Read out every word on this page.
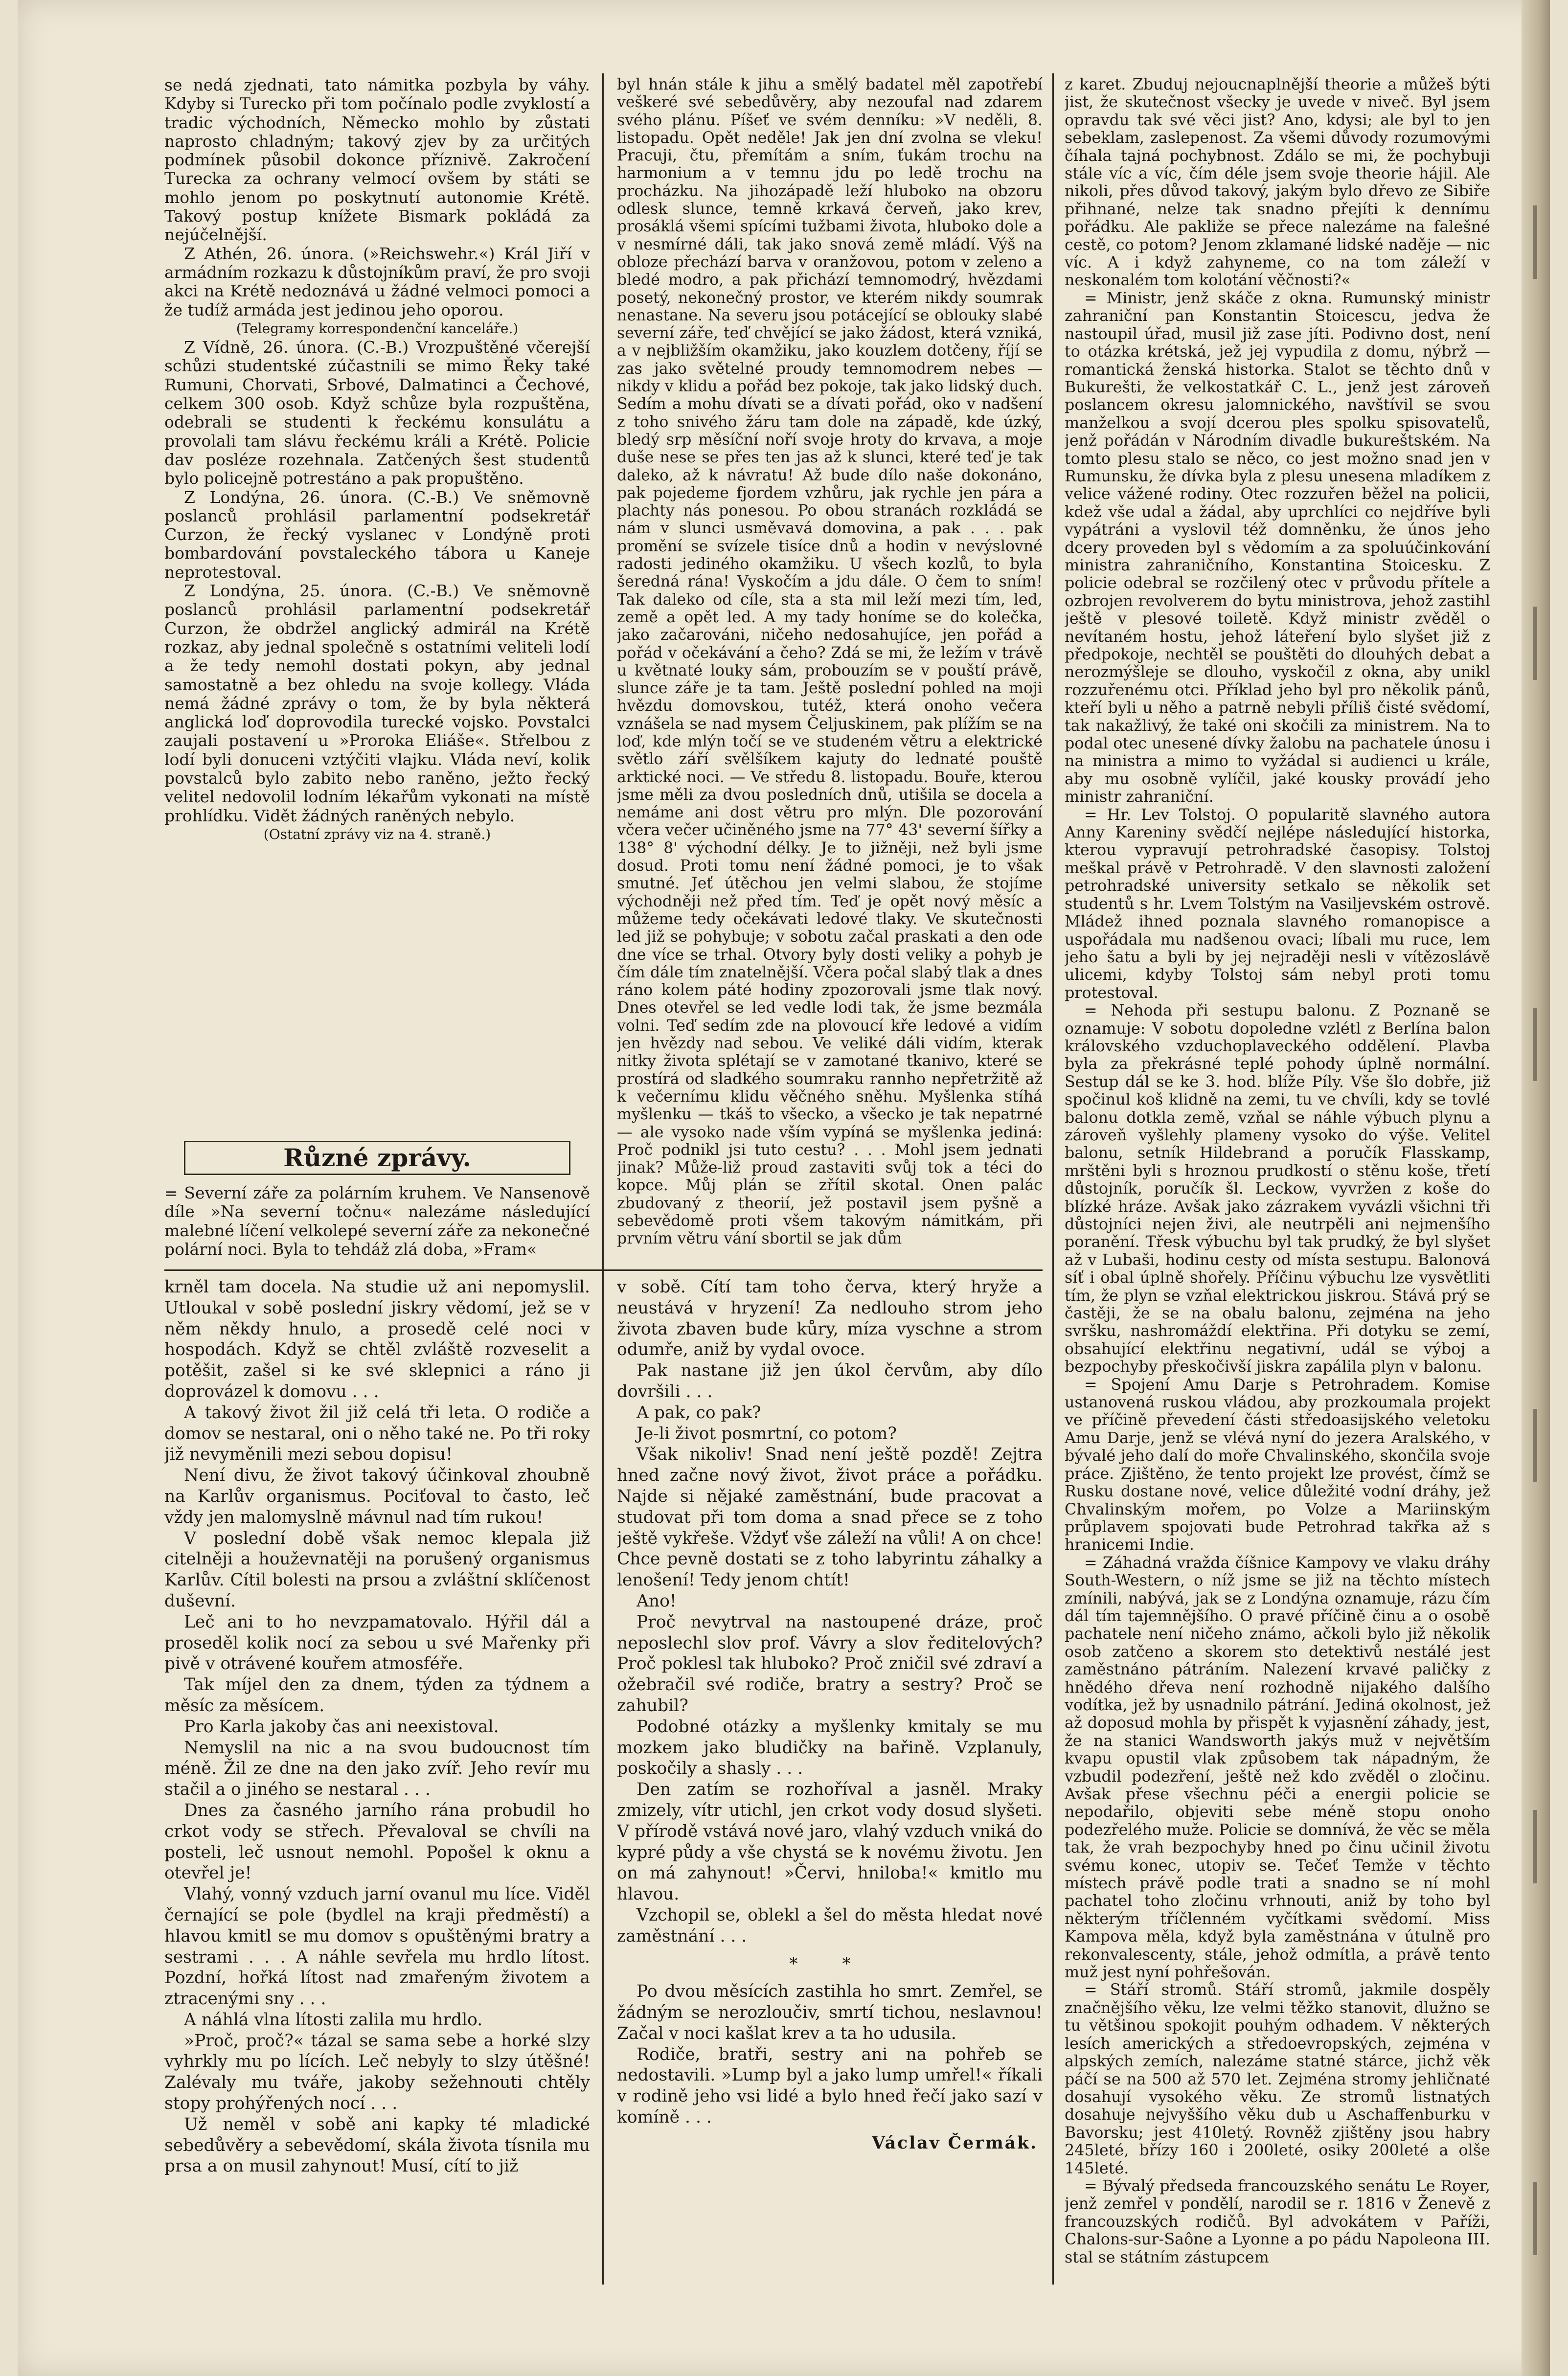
se nedá zjednati, tato námitka pozbyla by váhy. Kdyby si Turecko při tom počínalo podle zvyklostí a tradic východních, Německo mohlo by zůstati naprosto chladným; takový zjev by za určitých podmínek působil dokonce příznivě. Zakročení Turecka za ochrany velmocí ovšem by státi se mohlo jenom po poskytnutí autonomie Krétě. Takový postup knížete Bismark pokládá za nejúčelnější.

Z Athén, 26. února. (»Reichswehr.«) Král Jiří v armádním rozkazu k důstojníkům praví, že pro svoji akci na Krétě nedoznává u žádné velmoci pomoci a že tudíž armáda jest jedinou jeho oporou.

(Telegramy korrespondenční kanceláře.)

Z Vídně, 26. února. (C.-B.) Vrozpuštěné včerejší schůzi studentské zúčastnili se mimo Řeky také Rumuni, Chorvati, Srbové, Dalmatinci a Čechové, celkem 300 osob. Když schůze byla rozpuštěna, odebrali se studenti k řeckému konsulátu a provolali tam slávu řeckému králi a Krétě. Policie dav posléze rozehnala. Zatčených šest studentů bylo policejně potrestáno a pak propuštěno.

Z Londýna, 26. února. (C.-B.) Ve sněmovně poslanců prohlásil parlamentní podsekretář Curzon, že řecký vyslanec v Londýně proti bombardování povstaleckého tábora u Kaneje neprotestoval.

Z Londýna, 25. února. (C.-B.) Ve sněmovně poslanců prohlásil parlamentní podsekretář Curzon, že obdržel anglický admirál na Krétě rozkaz, aby jednal společně s ostatními veliteli lodí a že tedy nemohl dostati pokyn, aby jednal samostatně a bez ohledu na svoje kollegy. Vláda nemá žádné zprávy o tom, že by byla některá anglická loď doprovodila turecké vojsko. Povstalci zaujali postavení u »Proroka Eliáše«. Střelbou z lodí byli donuceni vztýčiti vlajku. Vláda neví, kolik povstalců bylo zabito nebo raněno, ježto řecký velitel nedovolil lodním lékařům vykonati na místě prohlídku. Vidět žádných raněných nebylo.

(Ostatní zprávy viz na 4. straně.)

Různé zprávy.

= Severní záře za polárním kruhem. Ve Nansenově díle »Na severní točnu« nalezáme následující malebné líčení velkolepé severní záře za nekonečné polární noci. Byla to tehdáž zlá doba, »Fram«

byl hnán stále k jihu a smělý badatel měl zapotřebí veškeré své sebedůvěry, aby nezoufal nad zdarem svého plánu. Píšeť ve svém denníku: »V neděli, 8. listopadu. Opět neděle! Jak jen dní zvolna se vleku! Pracuji, čtu, přemítám a sním, ťukám trochu na harmonium a v temnu jdu po ledě trochu na procházku. Na jihozápadě leží hluboko na obzoru odlesk slunce, temně krkavá červeň, jako krev, prosáklá všemi spícími tužbami života, hluboko dole a v nesmírné dáli, tak jako snová země mládí. Výš na obloze přechází barva v oranžovou, potom v zeleno a bledé modro, a pak přichází temnomodrý, hvězdami posetý, nekonečný prostor, ve kterém nikdy soumrak nenastane. Na severu jsou potácející se oblouky slabé severní záře, teď chvějící se jako žádost, která vzniká, a v nejbližším okamžiku, jako kouzlem dotčeny, říjí se zas jako světelné proudy temnomodrem nebes — nikdy v klidu a pořád bez pokoje, tak jako lidský duch. Sedím a mohu dívati se a dívati pořád, oko v nadšení z toho snivého žáru tam dole na západě, kde úzký, bledý srp měsíční noří svoje hroty do krvava, a moje duše nese se přes ten jas až k slunci, které teď je tak daleko, až k návratu! Až bude dílo naše dokonáno, pak pojedeme fjordem vzhůru, jak rychle jen pára a plachty nás ponesou. Po obou stranách rozkládá se nám v slunci usměvavá domovina, a pak . . . pak promění se svízele tisíce dnů a hodin v nevýslovné radosti jediného okamžiku. U všech kozlů, to byla šeredná rána! Vyskočím a jdu dále. O čem to sním! Tak daleko od cíle, sta a sta mil leží mezi tím, led, země a opět led. A my tady honíme se do kolečka, jako začarováni, ničeho nedosahujíce, jen pořád a pořád v očekávání a čeho? Zdá se mi, že ležím v trávě u květnaté louky sám, probouzím se v pouští právě, slunce záře je ta tam. Ještě poslední pohled na moji hvězdu domovskou, tutéž, která onoho večera vznášela se nad mysem Čeljuskinem, pak plížím se na loď, kde mlýn točí se ve studeném větru a elektrické světlo září svělšíkem kajuty do lednaté pouště arktické noci. — Ve středu 8. listopadu. Bouře, kterou jsme měli za dvou posledních dnů, utišila se docela a nemáme ani dost větru pro mlýn. Dle pozorování včera večer učiněného jsme na 77° 43' severní šířky a 138° 8' východní délky. Je to jižněji, než byli jsme dosud. Proti tomu není žádné pomoci, je to však smutné. Jeť útěchou jen velmi slabou, že stojíme východněji než před tím. Teď je opět nový měsíc a můžeme tedy očekávati ledové tlaky. Ve skutečnosti led již se pohybuje; v sobotu začal praskati a den ode dne více se trhal. Otvory byly dosti veliky a pohyb je čím dále tím znatelnější. Včera počal slabý tlak a dnes ráno kolem páté hodiny zpozorovali jsme tlak nový. Dnes otevřel se led vedle lodi tak, že jsme bezmála volni. Teď sedím zde na plovoucí kře ledové a vidím jen hvězdy nad sebou. Ve veliké dáli vidím, kterak nitky života splétají se v zamotané tkanivo, které se prostírá od sladkého soumraku rannho nepřetržitě až k večernímu klidu věčného sněhu. Myšlenka stíhá myšlenku — tkáš to všecko, a všecko je tak nepatrné — ale vysoko nade vším vypíná se myšlenka jediná: Proč podnikl jsi tuto cestu? . . . Mohl jsem jednati jinak? Může-liž proud zastaviti svůj tok a téci do kopce. Můj plán se zřítil skotal. Onen palác zbudovaný z theorií, jež postavil jsem pyšně a sebevědomě proti všem takovým námitkám, při prvním větru vání sbortil se jak dům

z karet. Zbuduj nejoucnaplnější theorie a můžeš býti jist, že skutečnost všecky je uvede v niveč. Byl jsem opravdu tak své věci jist? Ano, kdysi; ale byl to jen sebeklam, zaslepenost. Za všemi důvody rozumovými číhala tajná pochybnost. Zdálo se mi, že pochybuji stále víc a víc, čím déle jsem svoje theorie hájil. Ale nikoli, přes důvod takový, jakým bylo dřevo ze Sibiře přihnané, nelze tak snadno přejíti k dennímu pořádku. Ale pakliže se přece nalezáme na falešné cestě, co potom? Jenom zklamané lidské naděje — nic víc. A i když zahyneme, co na tom záleží v neskonalém tom kolotání věčnosti?«

= Ministr, jenž skáče z okna. Rumunský ministr zahraniční pan Konstantin Stoicescu, jedva že nastoupil úřad, musil již zase jíti. Podivno dost, není to otázka krétská, jež jej vypudila z domu, nýbrž — romantická ženská historka. Stalot se těchto dnů v Bukurešti, že velkostatkář C. L., jenž jest zároveň poslancem okresu jalomnického, navštívil se svou manželkou a svojí dcerou ples spolku spisovatelů, jenž pořádán v Národním divadle bukureštském. Na tomto plesu stalo se něco, co jest možno snad jen v Rumunsku, že dívka byla z plesu unesena mladíkem z velice vážené rodiny. Otec rozzuřen běžel na policii, kdež vše udal a žádal, aby uprchlíci co nejdříve byli vypátráni a vyslovil též domněnku, že únos jeho dcery proveden byl s vědomím a za spoluúčinkování ministra zahraničního, Konstantina Stoicesku. Z policie odebral se rozčilený otec v průvodu přítele a ozbrojen revolverem do bytu ministrova, jehož zastihl ještě v plesové toiletě. Když ministr zvěděl o nevítaném hostu, jehož láteření bylo slyšet již z předpokoje, nechtěl se pouštěti do dlouhých debat a nerozmýšleje se dlouho, vyskočil z okna, aby unikl rozzuřenému otci. Příklad jeho byl pro několik pánů, kteří byli u něho a patrně nebyli příliš čisté svědomí, tak nakažlivý, že také oni skočili za ministrem. Na to podal otec unesené dívky žalobu na pachatele únosu i na ministra a mimo to vyžádal si audienci u krále, aby mu osobně vylíčil, jaké kousky provádí jeho ministr zahraniční.

= Hr. Lev Tolstoj. O popularitě slavného autora Anny Kareniny svědčí nejlépe následující historka, kterou vypravují petrohradské časopisy. Tolstoj meškal právě v Petrohradě. V den slavnosti založení petrohradské university setkalo se několik set studentů s hr. Lvem Tolstým na Vasiljevském ostrově. Mládež ihned poznala slavného romanopisce a uspořádala mu nadšenou ovaci; líbali mu ruce, lem jeho šatu a byli by jej nejraději nesli v vítězoslávě ulicemi, kdyby Tolstoj sám nebyl proti tomu protestoval.

= Nehoda při sestupu balonu. Z Poznaně se oznamuje: V sobotu dopoledne vzlétl z Berlína balon královského vzduchoplaveckého oddělení. Plavba byla za překrásné teplé pohody úplně normální. Sestup dál se ke 3. hod. blíže Píly. Vše šlo dobře, již spočinul koš klidně na zemi, tu ve chvíli, kdy se tovlé balonu dotkla země, vzňal se náhle výbuch plynu a zároveň vyšlehly plameny vysoko do výše. Velitel balonu, setník Hildebrand a poručík Flasskamp, mrštěni byli s hroznou prudkostí o stěnu koše, třetí důstojník, poručík šl. Leckow, vyvržen z koše do blízké hráze. Avšak jako zázrakem vyvázli všichni tři důstojníci nejen živi, ale neutrpěli ani nejmenšího poranění. Třesk výbuchu byl tak prudký, že byl slyšet až v Lubaši, hodinu cesty od místa sestupu. Balonová síť i obal úplně shořely. Příčinu výbuchu lze vysvětliti tím, že plyn se vzňal elektrickou jiskrou. Stává prý se častěji, že se na obalu balonu, zejména na jeho svršku, nashromáždí elektřina. Při dotyku se zemí, obsahující elektřinu negativní, udál se výboj a bezpochyby přeskočivší jiskra zapálila plyn v balonu.

= Spojení Amu Darje s Petrohradem. Komise ustanovená ruskou vládou, aby prozkoumala projekt ve příčině převedení části středoasijského veletoku Amu Darje, jenž se vlévá nyní do jezera Aralského, v bývalé jeho dalí do moře Chvalinského, skončila svoje práce. Zjištěno, že tento projekt lze provést, čímž se Rusku dostane nové, velice důležité vodní dráhy, jež Chvalinským mořem, po Volze a Mariinským průplavem spojovati bude Petrohrad takřka až s hranicemi Indie.

= Záhadná vražda číšnice Kampovy ve vlaku dráhy South-Western, o níž jsme se již na těchto místech zmínili, nabývá, jak se z Londýna oznamuje, rázu čím dál tím tajemnějšího. O pravé příčině činu a o osobě pachatele není ničeho známo, ačkoli bylo již několik osob zatčeno a skorem sto detektivů nestálé jest zaměstnáno pátráním. Nalezení krvavé paličky z hnědého dřeva není rozhodně nijakého dalšího vodítka, jež by usnadnilo pátrání. Jediná okolnost, jež až doposud mohla by přispět k vyjasnění záhady, jest, že na stanici Wandsworth jakýs muž v největším kvapu opustil vlak způsobem tak nápadným, že vzbudil podezření, ještě než kdo zvěděl o zločinu. Avšak přese všechnu péči a energii policie se nepodařilo, objeviti sebe méně stopu onoho podezřelého muže. Policie se domnívá, že věc se měla tak, že vrah bezpochyby hned po činu učinil životu svému konec, utopiv se. Tečeť Temže v těchto místech právě podle trati a snadno se ní mohl pachatel toho zločinu vrhnouti, aniž by toho byl některým tříčlenném vyčítkami svědomí. Miss Kampova měla, když byla zaměstnána v útulně pro rekonvalescenty, stále, jehož odmítla, a právě tento muž jest nyní pohřešován.

= Stáří stromů. Stáří stromů, jakmile dospěly značnějšího věku, lze velmi těžko stanovit, dlužno se tu většinou spokojit pouhým odhadem. V některých lesích amerických a středoevropských, zejména v alpských zemích, nalezáme statné stárce, jichž věk páčí se na 500 až 570 let. Zejména stromy jehličnaté dosahují vysokého věku. Ze stromů listnatých dosahuje nejvyššího věku dub u Aschaffenburku v Bavorsku; jest 410letý. Rovněž zjištěny jsou habry 245leté, břízy 160 i 200leté, osiky 200leté a olše 145leté.

= Bývalý předseda francouzského senátu Le Royer, jenž zemřel v pondělí, narodil se r. 1816 v Ženevě z francouzských rodičů. Byl advokátem v Paříži, Chalons-sur-Saône a Lyonne a po pádu Napoleona III. stal se státním zástupcem

krněl tam docela. Na studie už ani nepomyslil. Utloukal v sobě poslední jiskry vědomí, jež se v něm někdy hnulo, a prosedě celé noci v hospodách. Když se chtěl zvláště rozveselit a potěšit, zašel si ke své sklepnici a ráno ji doprovázel k domovu . . .

A takový život žil již celá tři leta. O rodiče a domov se nestaral, oni o něho také ne. Po tři roky již nevyměnili mezi sebou dopisu!

Není divu, že život takový účinkoval zhoubně na Karlův organismus. Pociťoval to často, leč vždy jen malomyslně mávnul nad tím rukou!

V poslední době však nemoc klepala již citelněji a houževnatěji na porušený organismus Karlův. Cítil bolesti na prsou a zvláštní sklíčenost duševní.

Leč ani to ho nevzpamatovalo. Hýřil dál a proseděl kolik nocí za sebou u své Mařenky při pivě v otrávené kouřem atmosféře.

Tak míjel den za dnem, týden za týdnem a měsíc za měsícem.

Pro Karla jakoby čas ani neexistoval.

Nemyslil na nic a na svou budoucnost tím méně. Žil ze dne na den jako zvíř. Jeho revír mu stačil a o jiného se nestaral . . .

Dnes za časného jarního rána probudil ho crkot vody se střech. Převaloval se chvíli na posteli, leč usnout nemohl. Popošel k oknu a otevřel je!

Vlahý, vonný vzduch jarní ovanul mu líce. Viděl černající se pole (bydlel na kraji předměstí) a hlavou kmitl se mu domov s opuštěnými bratry a sestrami . . . A náhle sevřela mu hrdlo lítost. Pozdní, hořká lítost nad zmařeným životem a ztracenými sny . . .

A náhlá vlna lítosti zalila mu hrdlo.

»Proč, proč?« tázal se sama sebe a horké slzy vyhrkly mu po lících. Leč nebyly to slzy útěšné! Zalévaly mu tváře, jakoby sežehnouti chtěly stopy prohýřených nocí . . .

Už neměl v sobě ani kapky té mladické sebedůvěry a sebevědomí, skála života tísnila mu prsa a on musil zahynout! Musí, cítí to již

v sobě. Cítí tam toho červa, který hryže a neustává v hryzení! Za nedlouho strom jeho života zbaven bude kůry, míza vyschne a strom odumře, aniž by vydal ovoce.

Pak nastane již jen úkol červům, aby dílo dovršili . . .

A pak, co pak?

Je-li život posmrtní, co potom?

Však nikoliv! Snad není ještě pozdě! Zejtra hned začne nový život, život práce a pořádku. Najde si nějaké zaměstnání, bude pracovat a studovat při tom doma a snad přece se z toho ještě vykřeše. Vždyť vše záleží na vůli! A on chce! Chce pevně dostati se z toho labyrintu záhalky a lenošení! Tedy jenom chtít!

Ano!

Proč nevytrval na nastoupené dráze, proč neposlechl slov prof. Vávry a slov ředitelových? Proč poklesl tak hluboko? Proč zničil své zdraví a ožebračil své rodiče, bratry a sestry? Proč se zahubil?

Podobné otázky a myšlenky kmitaly se mu mozkem jako bludičky na bařině. Vzplanuly, poskočily a shasly . . .

Den zatím se rozhoříval a jasněl. Mraky zmizely, vítr utichl, jen crkot vody dosud slyšeti. V přírodě vstává nové jaro, vlahý vzduch vniká do kypré půdy a vše chystá se k novému životu. Jen on má zahynout! »Červi, hniloba!« kmitlo mu hlavou.

Vzchopil se, oblekl a šel do města hledat nové zaměstnání . . .

* *

Po dvou měsících zastihla ho smrt. Zemřel, se žádným se nerozloučiv, smrtí tichou, neslavnou! Začal v noci kašlat krev a ta ho udusila.

Rodiče, bratři, sestry ani na pohřeb se nedostavili. »Lump byl a jako lump umřel!« říkali v rodině jeho vsi lidé a bylo hned řečí jako sazí v komíně . . .

Václav Čermák.
